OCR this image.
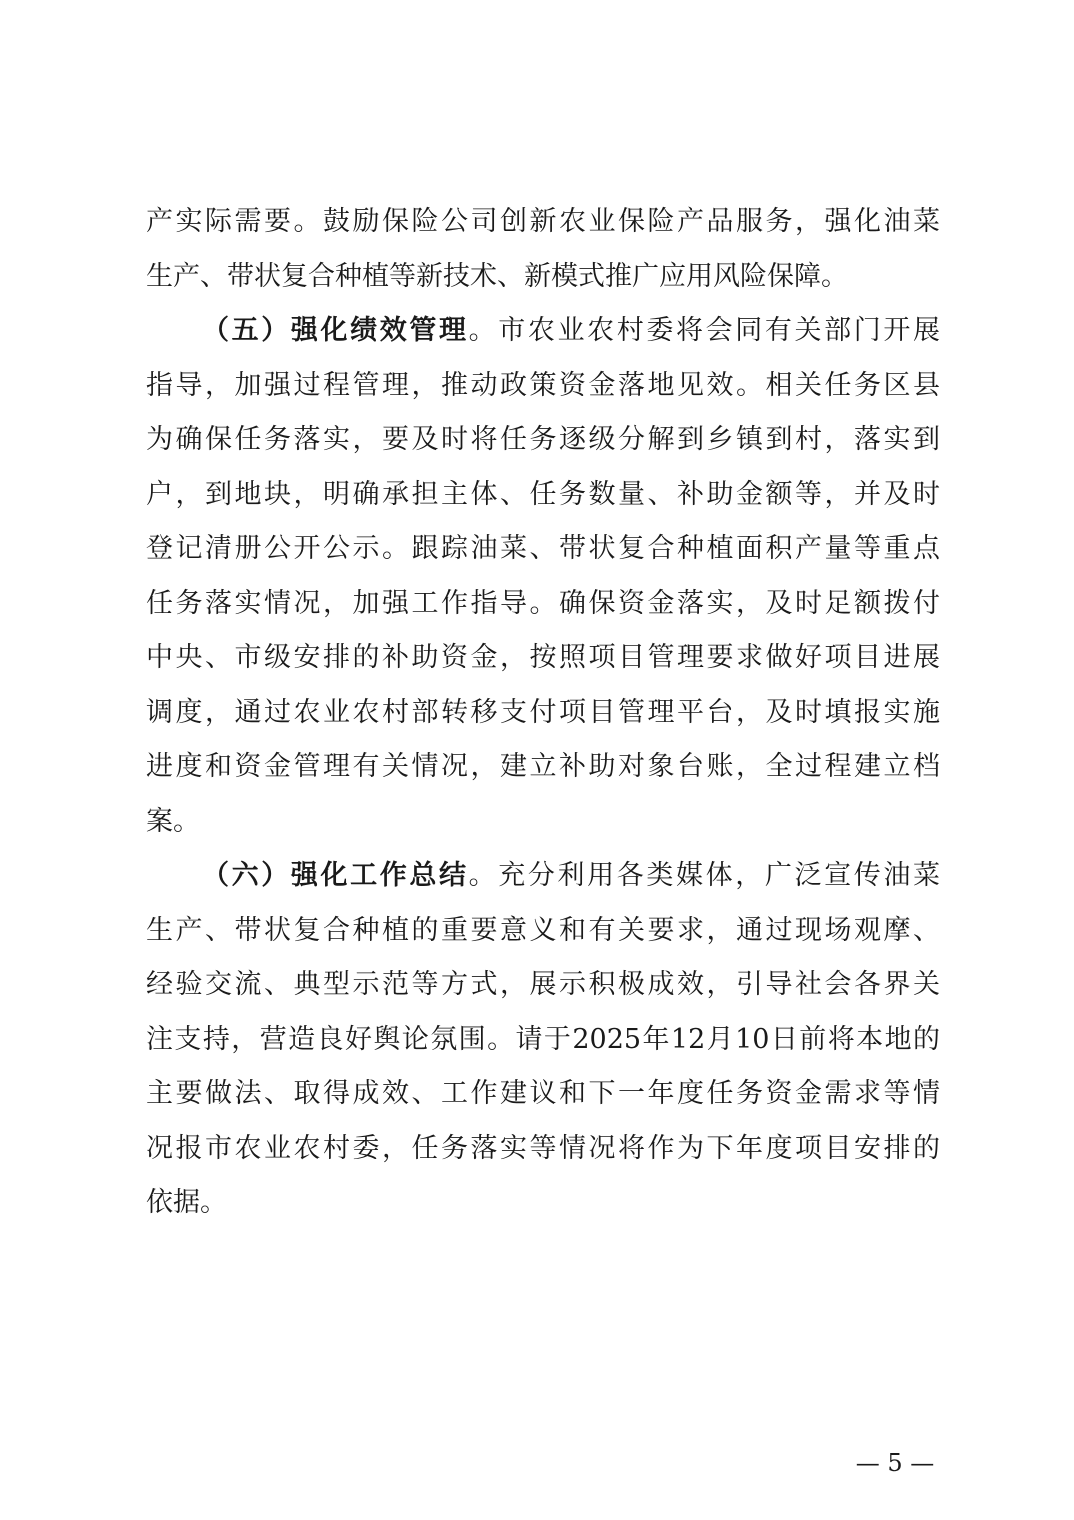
产实际需要。鼓励保险公司创新农业保险产品服务，强化油菜
生产、带状复合种植等新技术、新模式推广应用风险保障。
（五）强化绩效管理。市农业农村委将会同有关部门开展
指导，加强过程管理，推动政策资金落地见效。相关任务区县
为确保任务落实，要及时将任务逐级分解到乡镇到村，落实到
户，到地块，明确承担主体、任务数量、补助金额等，并及时
登记清册公开公示。跟踪油菜、带状复合种植面积产量等重点
任务落实情况，加强工作指导。确保资金落实，及时足额拨付
中央、市级安排的补助资金，按照项目管理要求做好项目进展
调度，通过农业农村部转移支付项目管理平台，及时填报实施
进度和资金管理有关情况，建立补助对象台账，全过程建立档
案。
（六）强化工作总结。充分利用各类媒体，广泛宣传油菜
生产、带状复合种植的重要意义和有关要求，通过现场观摩、
经验交流、典型示范等方式，展示积极成效，引导社会各界关
注支持，营造良好舆论氛围。请于2025年12月10日前将本地的
主要做法、取得成效、工作建议和下一年度任务资金需求等情
况报市农业农村委，任务落实等情况将作为下年度项目安排的
依据。
— 5 —
